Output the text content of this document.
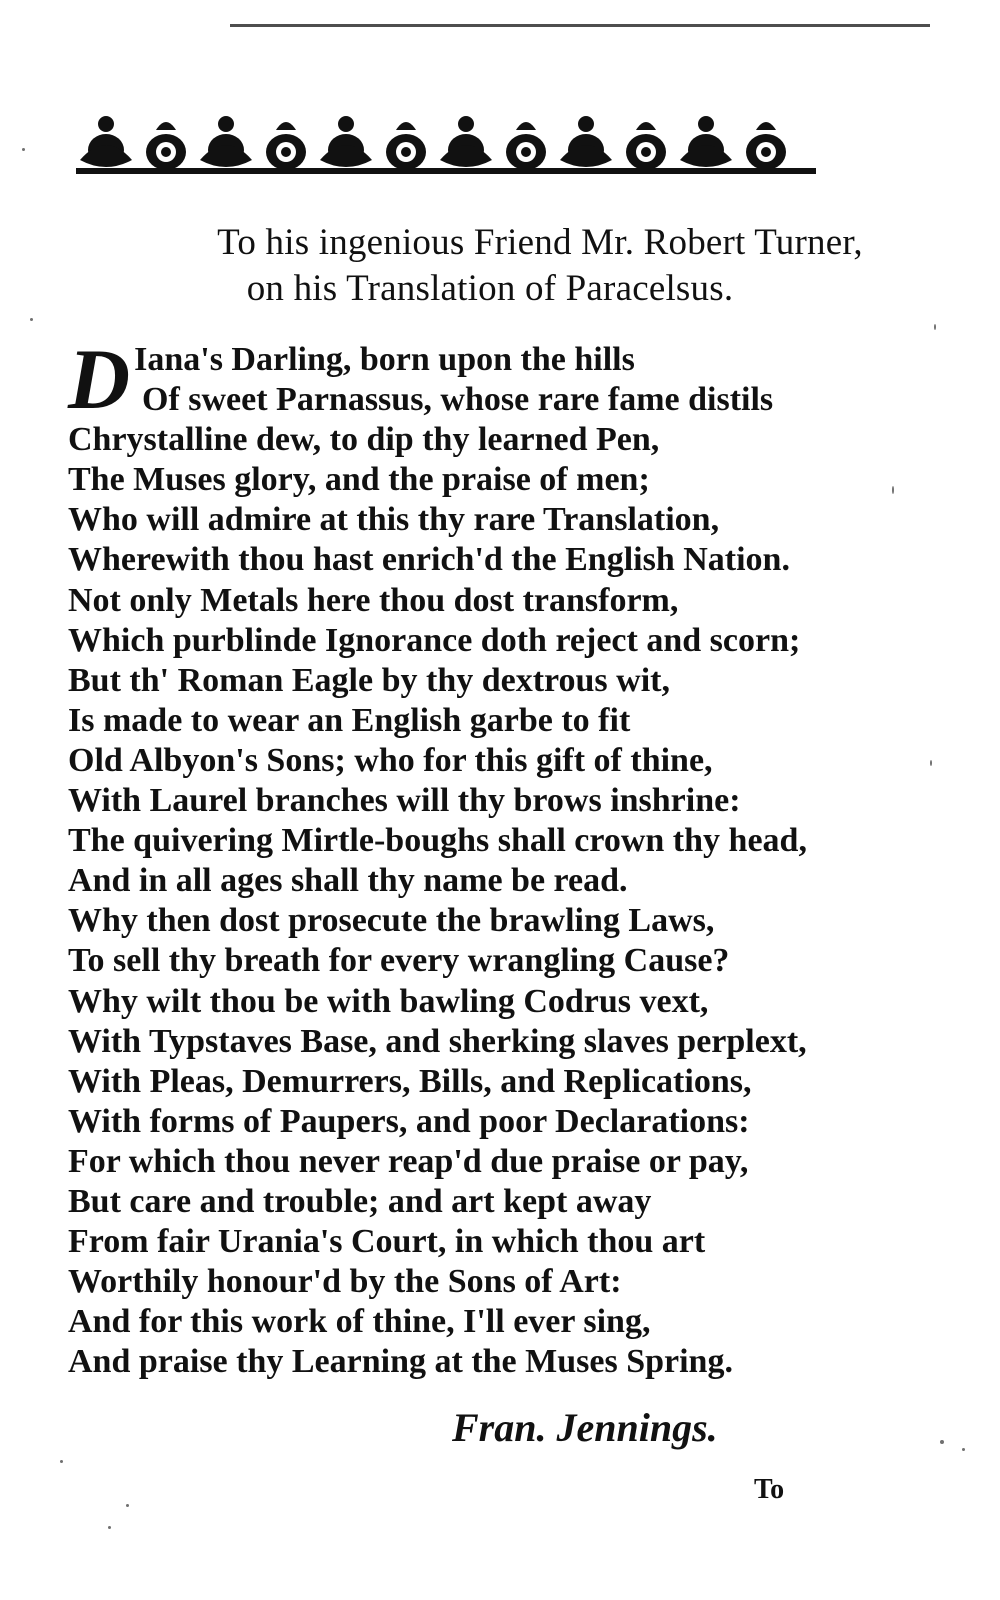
To his ingenious Friend Mr. Robert Turner,
on his Translation of Paracelsus.
D Iana's Darling, born upon the hills
Of sweet Parnassus, whose rare fame distils
Chrystalline dew, to dip thy learned Pen,
The Muses glory, and the praise of men;
Who will admire at this thy rare Translation,
Wherewith thou hast enrich'd the English Nation.
Not only Metals here thou dost transform,
Which purblinde Ignorance doth reject and scorn;
But th' Roman Eagle by thy dextrous wit,
Is made to wear an English garbe to fit
Old Albyon's Sons; who for this gift of thine,
With Laurel branches will thy brows inshrine:
The quivering Mirtle-boughs shall crown thy head,
And in all ages shall thy name be read.
Why then dost prosecute the brawling Laws,
To sell thy breath for every wrangling Cause?
Why wilt thou be with bawling Codrus vext,
With Typstaves Base, and sherking slaves perplext,
With Pleas, Demurrers, Bills, and Replications,
With forms of Paupers, and poor Declarations:
For which thou never reap'd due praise or pay,
But care and trouble; and art kept away
From fair Urania's Court, in which thou art
Worthily honour'd by the Sons of Art:
And for this work of thine, I'll ever sing,
And praise thy Learning at the Muses Spring.
Fran. Jennings.
To
